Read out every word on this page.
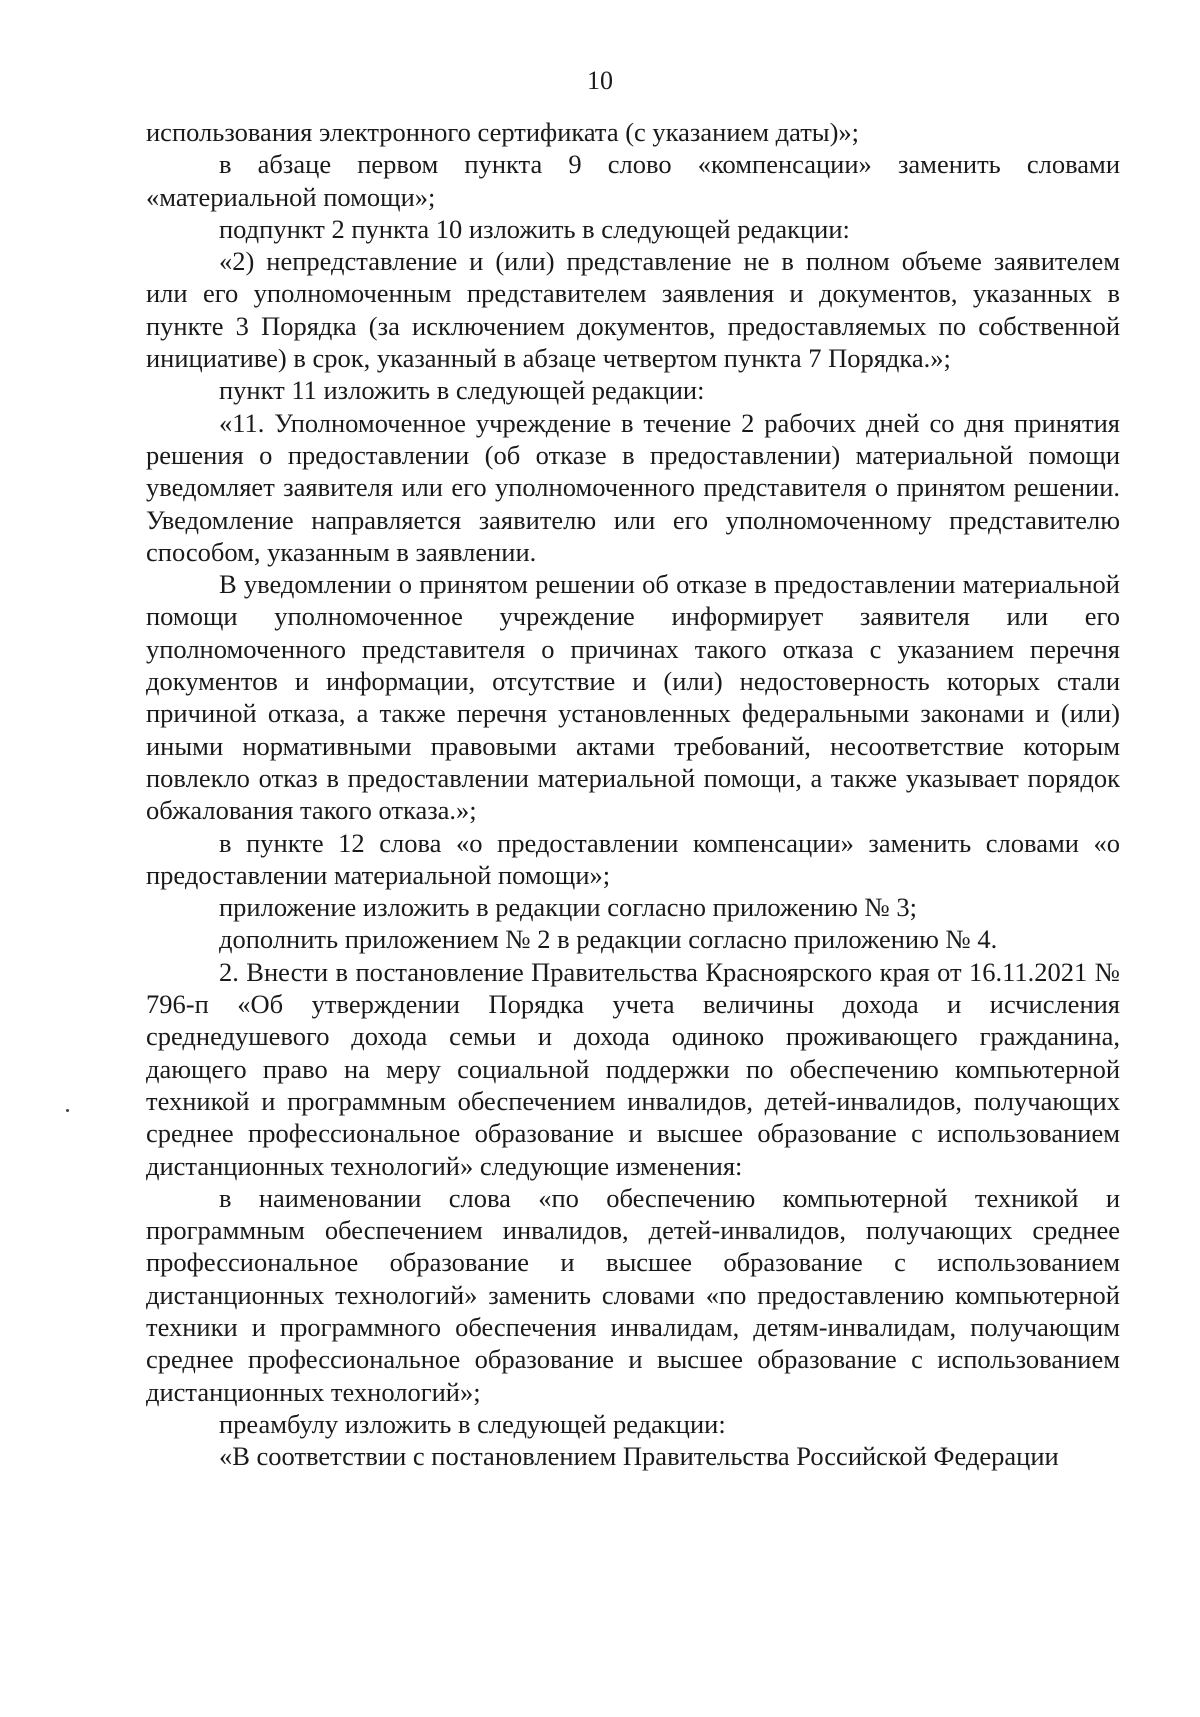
10

использования электронного сертификата (с указанием даты)»;

в абзаце первом пункта 9 слово «компенсации» заменить словами «материальной помощи»;

подпункт 2 пункта 10 изложить в следующей редакции:

«2) непредставление и (или) представление не в полном объеме заявителем или его уполномоченным представителем заявления и документов, указанных в пункте 3 Порядка (за исключением документов, предоставляемых по собственной инициативе) в срок, указанный в абзаце четвертом пункта 7 Порядка.»;

пункт 11 изложить в следующей редакции:

«11. Уполномоченное учреждение в течение 2 рабочих дней со дня принятия решения о предоставлении (об отказе в предоставлении) материальной помощи уведомляет заявителя или его уполномоченного представителя о принятом решении. Уведомление направляется заявителю или его уполномоченному представителю способом, указанным в заявлении.

В уведомлении о принятом решении об отказе в предоставлении материальной помощи уполномоченное учреждение информирует заявителя или его уполномоченного представителя о причинах такого отказа с указанием перечня документов и информации, отсутствие и (или) недостоверность которых стали причиной отказа, а также перечня установленных федеральными законами и (или) иными нормативными правовыми актами требований, несоответствие которым повлекло отказ в предоставлении материальной помощи, а также указывает порядок обжалования такого отказа.»;

в пункте 12 слова «о предоставлении компенсации» заменить словами «о предоставлении материальной помощи»;

приложение изложить в редакции согласно приложению № 3;

дополнить приложением № 2 в редакции согласно приложению № 4.

2. Внести в постановление Правительства Красноярского края от 16.11.2021 № 796-п «Об утверждении Порядка учета величины дохода и исчисления среднедушевого дохода семьи и дохода одиноко проживающего гражданина, дающего право на меру социальной поддержки по обеспечению компьютерной техникой и программным обеспечением инвалидов, детей-инвалидов, получающих среднее профессиональное образование и высшее образование с использованием дистанционных технологий» следующие изменения:

в наименовании слова «по обеспечению компьютерной техникой и программным обеспечением инвалидов, детей-инвалидов, получающих среднее профессиональное образование и высшее образование с использованием дистанционных технологий» заменить словами «по предоставлению компьютерной техники и программного обеспечения инвалидам, детям-инвалидам, получающим среднее профессиональное образование и высшее образование с использованием дистанционных технологий»;

преамбулу изложить в следующей редакции:

«В соответствии с постановлением Правительства Российской Федерации
